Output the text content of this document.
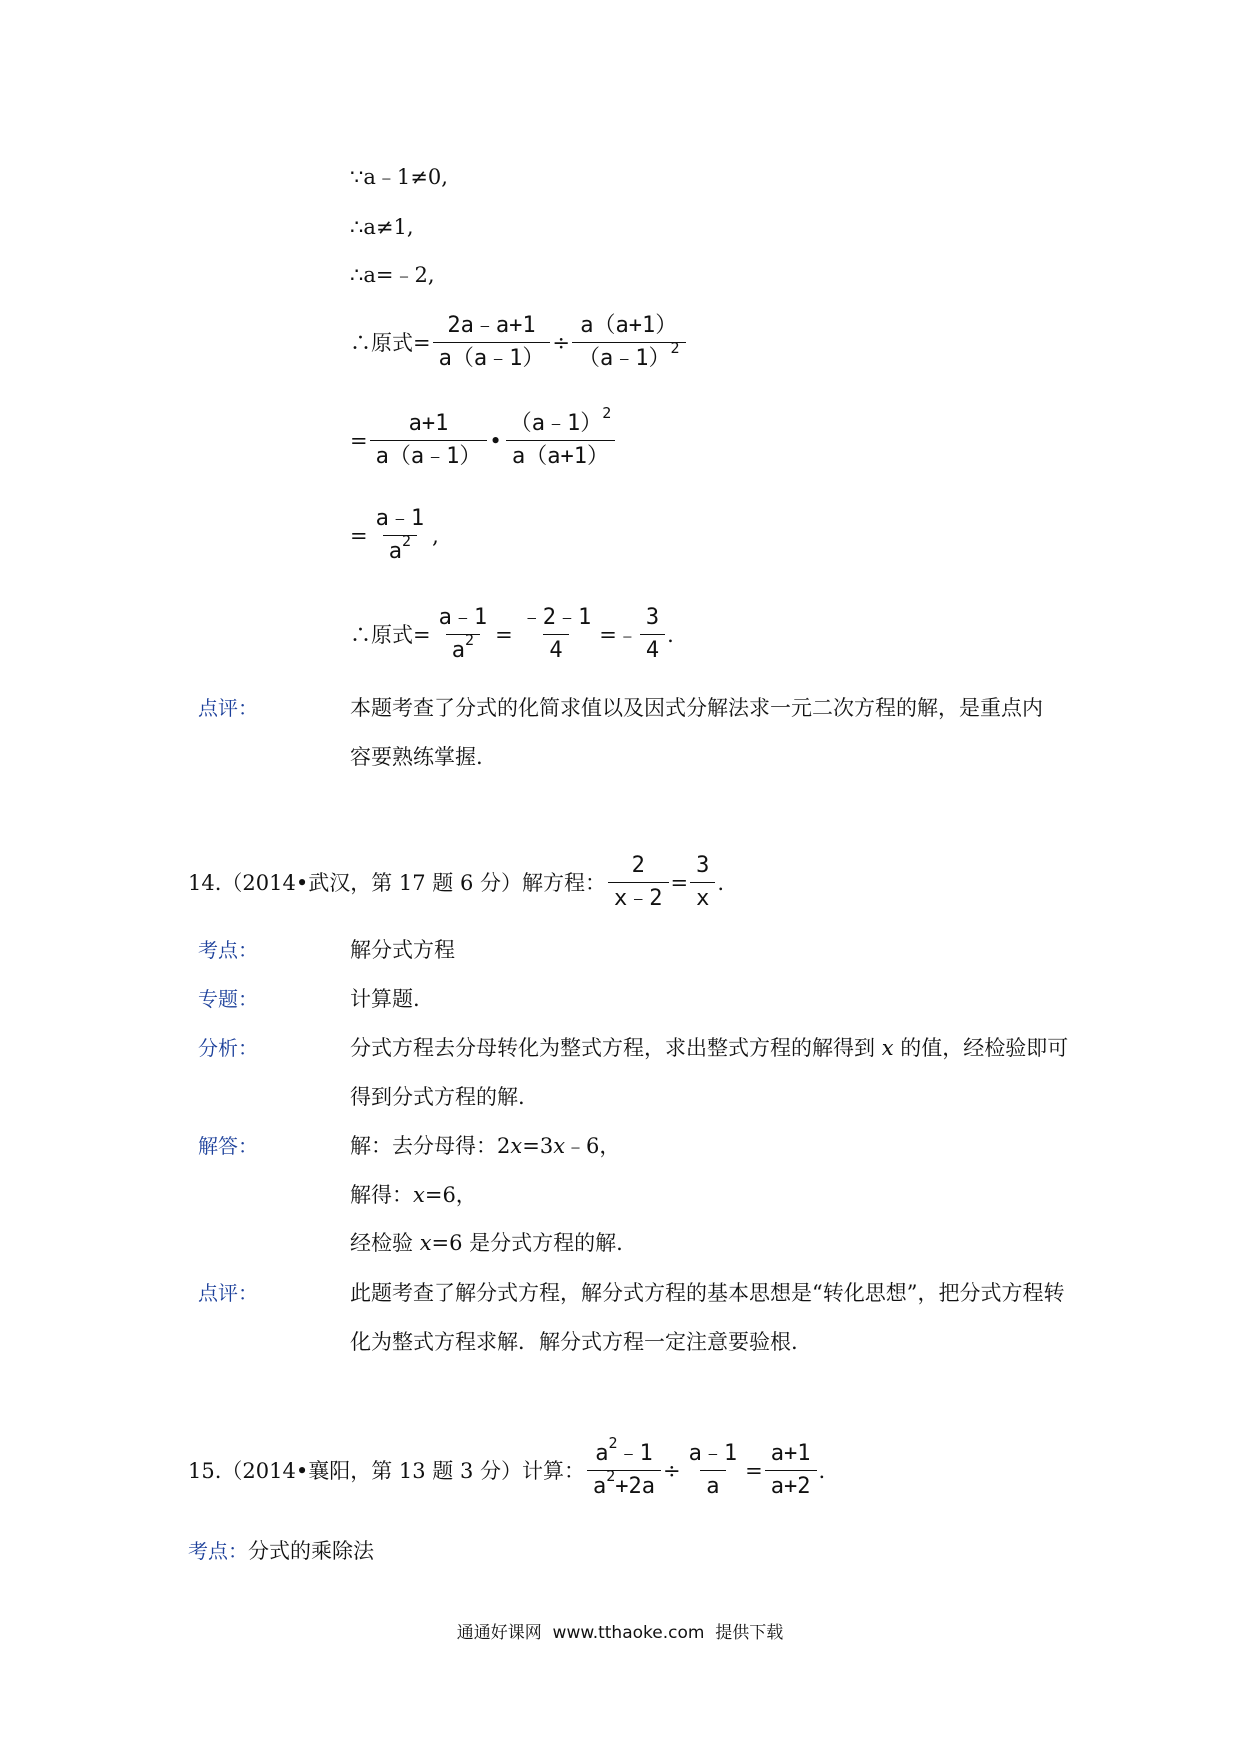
∵a﹣1≠0,
∴a≠1,
∴a=﹣2,
∴原式= $\frac{2a﹣a+1}{a(a﹣1)} \div \frac{a(a+1)}{(a﹣1)^2}$
= $\frac{a+1}{a(a﹣1)}$ • $\frac{(a﹣1)^2}{a(a+1)}$
= $\frac{a﹣1}{a^2}$ ,
∴原式= $\frac{a﹣1}{a^2} = \frac{﹣2﹣1}{4}$ =﹣ $\frac{3}{4}$ .
点评：	本题考查了分式的化简求值以及因式分解法求一元二次方程的解，是重点内
容要熟练掌握.
14.（2014•武汉，第 17 题 6 分）解方程： $\frac{2}{x﹣2} = \frac{3}{x}$ .
考点：	解分式方程
专题：	计算题.
分析：	分式方程去分母转化为整式方程，求出整式方程的解得到 x 的值，经检验即可
得到分式方程的解.
解答：	解：去分母得：2x=3x﹣6，
解得：x=6，
经检验 x=6 是分式方程的解.
点评：	此题考查了解分式方程，解分式方程的基本思想是“转化思想”，把分式方程转
化为整式方程求解．解分式方程一定注意要验根.
15.（2014•襄阳，第 13 题 3 分）计算： $\frac{a^2﹣1}{a^2+2a} \div \frac{a﹣1}{a} = \frac{a+1}{a+2}$ .
考点： 分式的乘除法
通通好课网  www.tthaoke.com  提供下载
